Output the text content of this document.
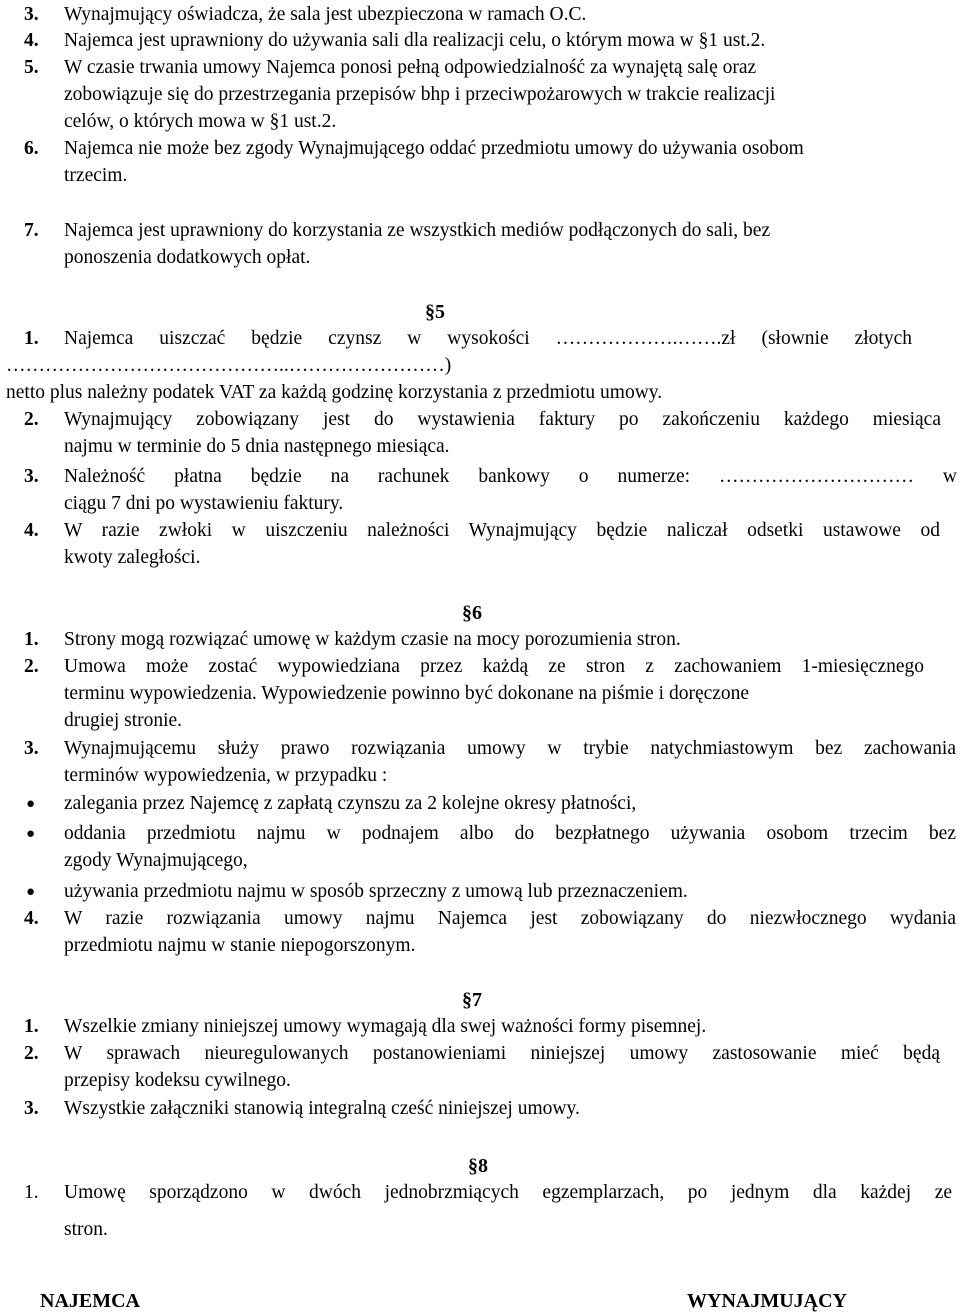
3. Wynajmujący oświadcza, że sala jest ubezpieczona w ramach O.C.
4. Najemca jest uprawniony do używania sali dla realizacji celu, o którym mowa w §1 ust.2.
5. W czasie trwania umowy Najemca ponosi pełną odpowiedzialność za wynajętą salę oraz
zobowiązuje się do przestrzegania przepisów bhp i przeciwpożarowych w trakcie realizacji
celów, o których mowa w §1 ust.2.
6. Najemca nie może bez zgody Wynajmującego oddać przedmiotu umowy do używania osobom
trzecim.
7. Najemca jest uprawniony do korzystania ze wszystkich mediów podłączonych do sali, bez
ponoszenia dodatkowych opłat.
§5
1. Najemca uiszczać będzie czynsz w wysokości ……………….…….zł (słownie złotych
……………………………………..……………………)
netto plus należny podatek VAT za każdą godzinę korzystania z przedmiotu umowy.
2. Wynajmujący zobowiązany jest do wystawienia faktury po zakończeniu każdego miesiąca
najmu w terminie do 5 dnia następnego miesiąca.
3. Należność płatna będzie na rachunek bankowy o numerze: ………………………… w
ciągu 7 dni po wystawieniu faktury.
4. W razie zwłoki w uiszczeniu należności Wynajmujący będzie naliczał odsetki ustawowe od
kwoty zaległości.
§6
1. Strony mogą rozwiązać umowę w każdym czasie na mocy porozumienia stron.
2. Umowa może zostać wypowiedziana przez każdą ze stron z zachowaniem 1-miesięcznego
terminu wypowiedzenia. Wypowiedzenie powinno być dokonane na piśmie i doręczone
drugiej stronie.
3. Wynajmującemu służy prawo rozwiązania umowy w trybie natychmiastowym bez zachowania
terminów wypowiedzenia, w przypadku :
● zalegania przez Najemcę z zapłatą czynszu za 2 kolejne okresy płatności,
● oddania przedmiotu najmu w podnajem albo do bezpłatnego używania osobom trzecim bez
zgody Wynajmującego,
● używania przedmiotu najmu w sposób sprzeczny z umową lub przeznaczeniem.
4. W razie rozwiązania umowy najmu Najemca jest zobowiązany do niezwłocznego wydania
przedmiotu najmu w stanie niepogorszonym.
§7
1. Wszelkie zmiany niniejszej umowy wymagają dla swej ważności formy pisemnej.
2. W sprawach nieuregulowanych postanowieniami niniejszej umowy zastosowanie mieć będą
przepisy kodeksu cywilnego.
3. Wszystkie załączniki stanowią integralną cześć niniejszej umowy.
§8
1. Umowę sporządzono w dwóch jednobrzmiących egzemplarzach, po jednym dla każdej ze
stron.
NAJEMCA	WYNAJMUJĄCY
